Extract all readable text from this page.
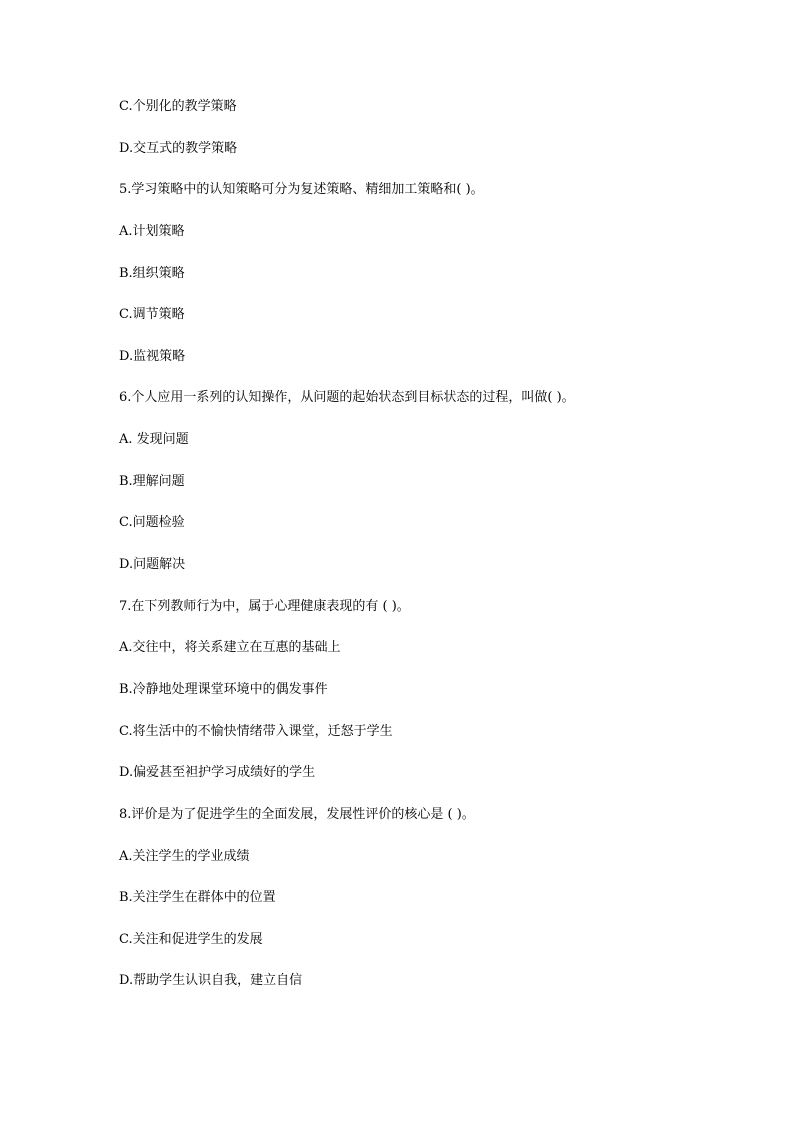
C.个别化的教学策略
D.交互式的教学策略
5.学习策略中的认知策略可分为复述策略、精细加工策略和( )。
A.计划策略
B.组织策略
C.调节策略
D.监视策略
6.个人应用一系列的认知操作，从问题的起始状态到目标状态的过程，叫做( )。
A. 发现问题
B.理解问题
C.问题检验
D.问题解决
7.在下列教师行为中，属于心理健康表现的有 ( )。
A.交往中，将关系建立在互惠的基础上
B.冷静地处理课堂环境中的偶发事件
C.将生活中的不愉快情绪带入课堂，迁怒于学生
D.偏爱甚至袒护学习成绩好的学生
8.评价是为了促进学生的全面发展，发展性评价的核心是 ( )。
A.关注学生的学业成绩
B.关注学生在群体中的位置
C.关注和促进学生的发展
D.帮助学生认识自我，建立自信
